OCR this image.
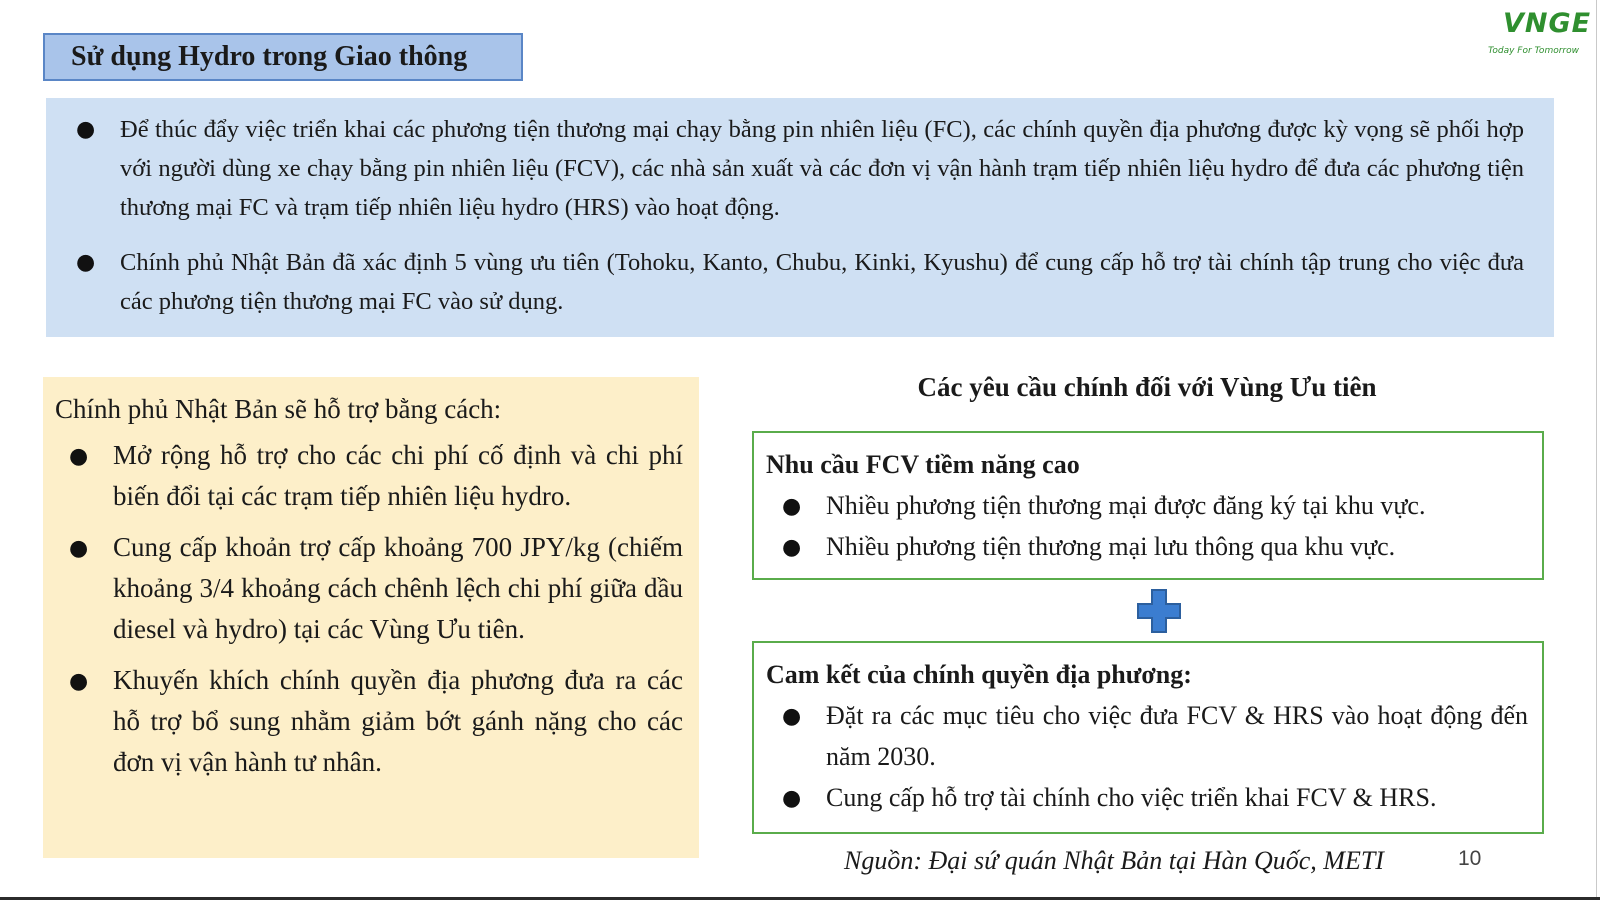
Sử dụng Hydro trong Giao thông
VNGE
Today For Tomorrow
● Để thúc đẩy việc triển khai các phương tiện thương mại chạy bằng pin nhiên liệu (FC), các chính quyền địa phương được kỳ vọng sẽ phối hợp với người dùng xe chạy bằng pin nhiên liệu (FCV), các nhà sản xuất và các đơn vị vận hành trạm tiếp nhiên liệu hydro để đưa các phương tiện thương mại FC và trạm tiếp nhiên liệu hydro (HRS) vào hoạt động.
● Chính phủ Nhật Bản đã xác định 5 vùng ưu tiên (Tohoku, Kanto, Chubu, Kinki, Kyushu) để cung cấp hỗ trợ tài chính tập trung cho việc đưa các phương tiện thương mại FC vào sử dụng.
Chính phủ Nhật Bản sẽ hỗ trợ bằng cách:
● Mở rộng hỗ trợ cho các chi phí cố định và chi phí biến đổi tại các trạm tiếp nhiên liệu hydro.
● Cung cấp khoản trợ cấp khoảng 700 JPY/kg (chiếm khoảng 3/4 khoảng cách chênh lệch chi phí giữa dầu diesel và hydro) tại các Vùng Ưu tiên.
● Khuyến khích chính quyền địa phương đưa ra các hỗ trợ bổ sung nhằm giảm bớt gánh nặng cho các đơn vị vận hành tư nhân.
Các yêu cầu chính đối với Vùng Ưu tiên
Nhu cầu FCV tiềm năng cao
● Nhiều phương tiện thương mại được đăng ký tại khu vực.
● Nhiều phương tiện thương mại lưu thông qua khu vực.
Cam kết của chính quyền địa phương:
● Đặt ra các mục tiêu cho việc đưa FCV & HRS vào hoạt động đến năm 2030.
● Cung cấp hỗ trợ tài chính cho việc triển khai FCV & HRS.
Nguồn: Đại sứ quán Nhật Bản tại Hàn Quốc, METI	10
